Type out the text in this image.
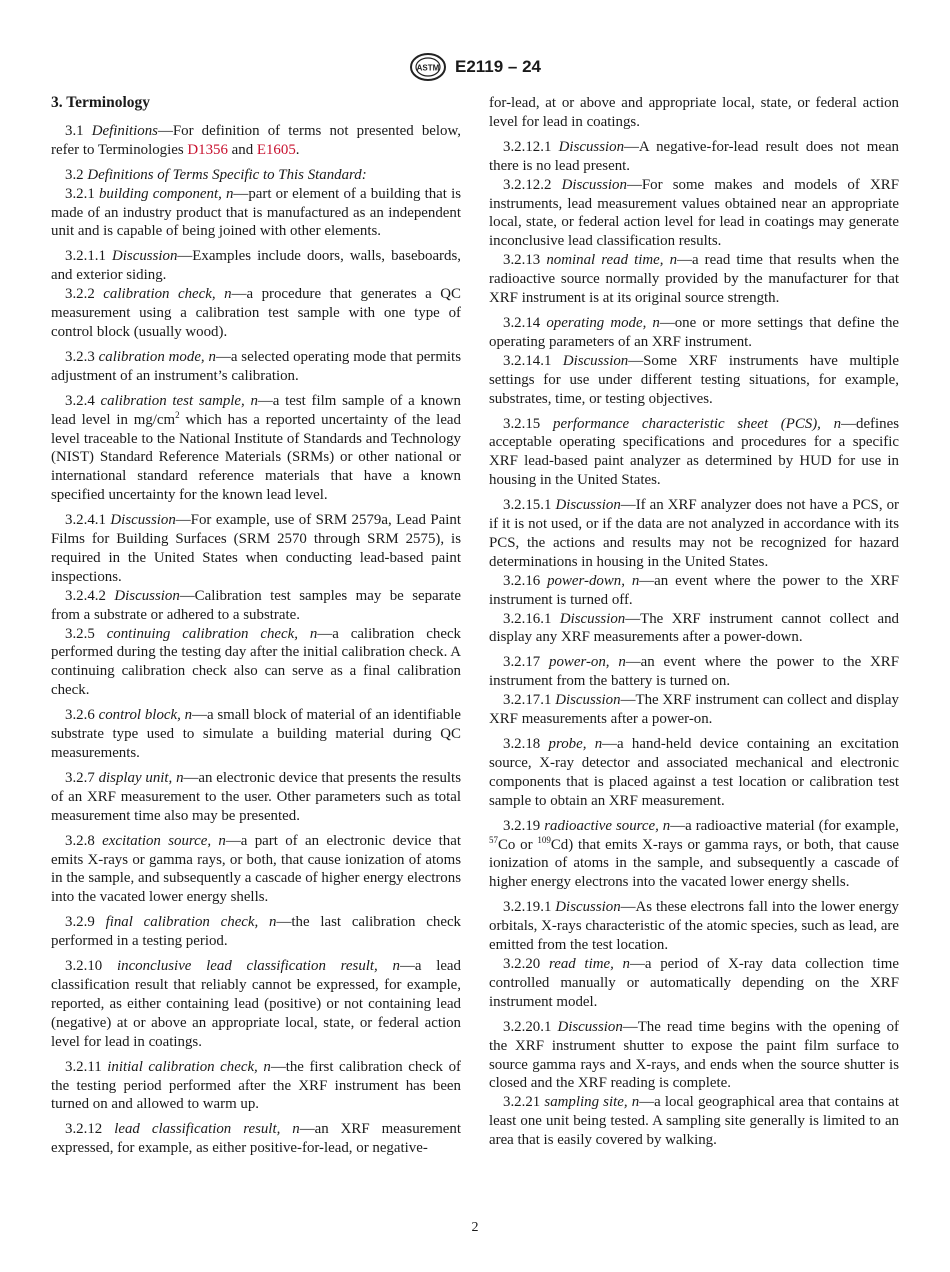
ASTM E2119 – 24
3. Terminology

3.1 Definitions—For definition of terms not presented below, refer to Terminologies D1356 and E1605.

3.2 Definitions of Terms Specific to This Standard:

3.2.1 building component, n—part or element of a building that is made of an industry product that is manufactured as an independent unit and is capable of being joined with other elements.

3.2.1.1 Discussion—Examples include doors, walls, baseboards, and exterior siding.

3.2.2 calibration check, n—a procedure that generates a QC measurement using a calibration test sample with one type of control block (usually wood).

3.2.3 calibration mode, n—a selected operating mode that permits adjustment of an instrument’s calibration.

3.2.4 calibration test sample, n—a test film sample of a known lead level in $mg/cm^2$ which has a reported uncertainty of the lead level traceable to the National Institute of Standards and Technology (NIST) Standard Reference Materials (SRMs) or other national or international standard reference materials that have a known specified uncertainty for the known lead level.

3.2.4.1 Discussion—For example, use of SRM 2579a, Lead Paint Films for Building Surfaces (SRM 2570 through SRM 2575), is required in the United States when conducting lead-based paint inspections.

3.2.4.2 Discussion—Calibration test samples may be separate from a substrate or adhered to a substrate.

3.2.5 continuing calibration check, n—a calibration check performed during the testing day after the initial calibration check. A continuing calibration check also can serve as a final calibration check.

3.2.6 control block, n—a small block of material of an identifiable substrate type used to simulate a building material during QC measurements.

3.2.7 display unit, n—an electronic device that presents the results of an XRF measurement to the user. Other parameters such as total measurement time also may be presented.

3.2.8 excitation source, n—a part of an electronic device that emits X-rays or gamma rays, or both, that cause ionization of atoms in the sample, and subsequently a cascade of higher energy electrons into the vacated lower energy shells.

3.2.9 final calibration check, n—the last calibration check performed in a testing period.

3.2.10 inconclusive lead classification result, n—a lead classification result that reliably cannot be expressed, for example, reported, as either containing lead (positive) or not containing lead (negative) at or above an appropriate local, state, or federal action level for lead in coatings.

3.2.11 initial calibration check, n—the first calibration check of the testing period performed after the XRF instrument has been turned on and allowed to warm up.

3.2.12 lead classification result, n—an XRF measurement expressed, for example, as either positive-for-lead, or negative-

for-lead, at or above and appropriate local, state, or federal action level for lead in coatings.

3.2.12.1 Discussion—A negative-for-lead result does not mean there is no lead present.

3.2.12.2 Discussion—For some makes and models of XRF instruments, lead measurement values obtained near an appropriate local, state, or federal action level for lead in coatings may generate inconclusive lead classification results.

3.2.13 nominal read time, n—a read time that results when the radioactive source normally provided by the manufacturer for that XRF instrument is at its original source strength.

3.2.14 operating mode, n—one or more settings that define the operating parameters of an XRF instrument.

3.2.14.1 Discussion—Some XRF instruments have multiple settings for use under different testing situations, for example, substrates, time, or testing objectives.

3.2.15 performance characteristic sheet (PCS), n—defines acceptable operating specifications and procedures for a specific XRF lead-based paint analyzer as determined by HUD for use in housing in the United States.

3.2.15.1 Discussion—If an XRF analyzer does not have a PCS, or if it is not used, or if the data are not analyzed in accordance with its PCS, the actions and results may not be recognized for hazard determinations in housing in the United States.

3.2.16 power-down, n—an event where the power to the XRF instrument is turned off.

3.2.16.1 Discussion—The XRF instrument cannot collect and display any XRF measurements after a power-down.

3.2.17 power-on, n—an event where the power to the XRF instrument from the battery is turned on.

3.2.17.1 Discussion—The XRF instrument can collect and display XRF measurements after a power-on.

3.2.18 probe, n—a hand-held device containing an excitation source, X-ray detector and associated mechanical and electronic components that is placed against a test location or calibration test sample to obtain an XRF measurement.

3.2.19 radioactive source, n—a radioactive material (for example, $^{57}$Co or $^{109}$Cd) that emits X-rays or gamma rays, or both, that cause ionization of atoms in the sample, and subsequently a cascade of higher energy electrons into the vacated lower energy shells.

3.2.19.1 Discussion—As these electrons fall into the lower energy orbitals, X-rays characteristic of the atomic species, such as lead, are emitted from the test location.

3.2.20 read time, n—a period of X-ray data collection time controlled manually or automatically depending on the XRF instrument model.

3.2.20.1 Discussion—The read time begins with the opening of the XRF instrument shutter to expose the paint film surface to source gamma rays and X-rays, and ends when the source shutter is closed and the XRF reading is complete.

3.2.21 sampling site, n—a local geographical area that contains at least one unit being tested. A sampling site generally is limited to an area that is easily covered by walking.

2
